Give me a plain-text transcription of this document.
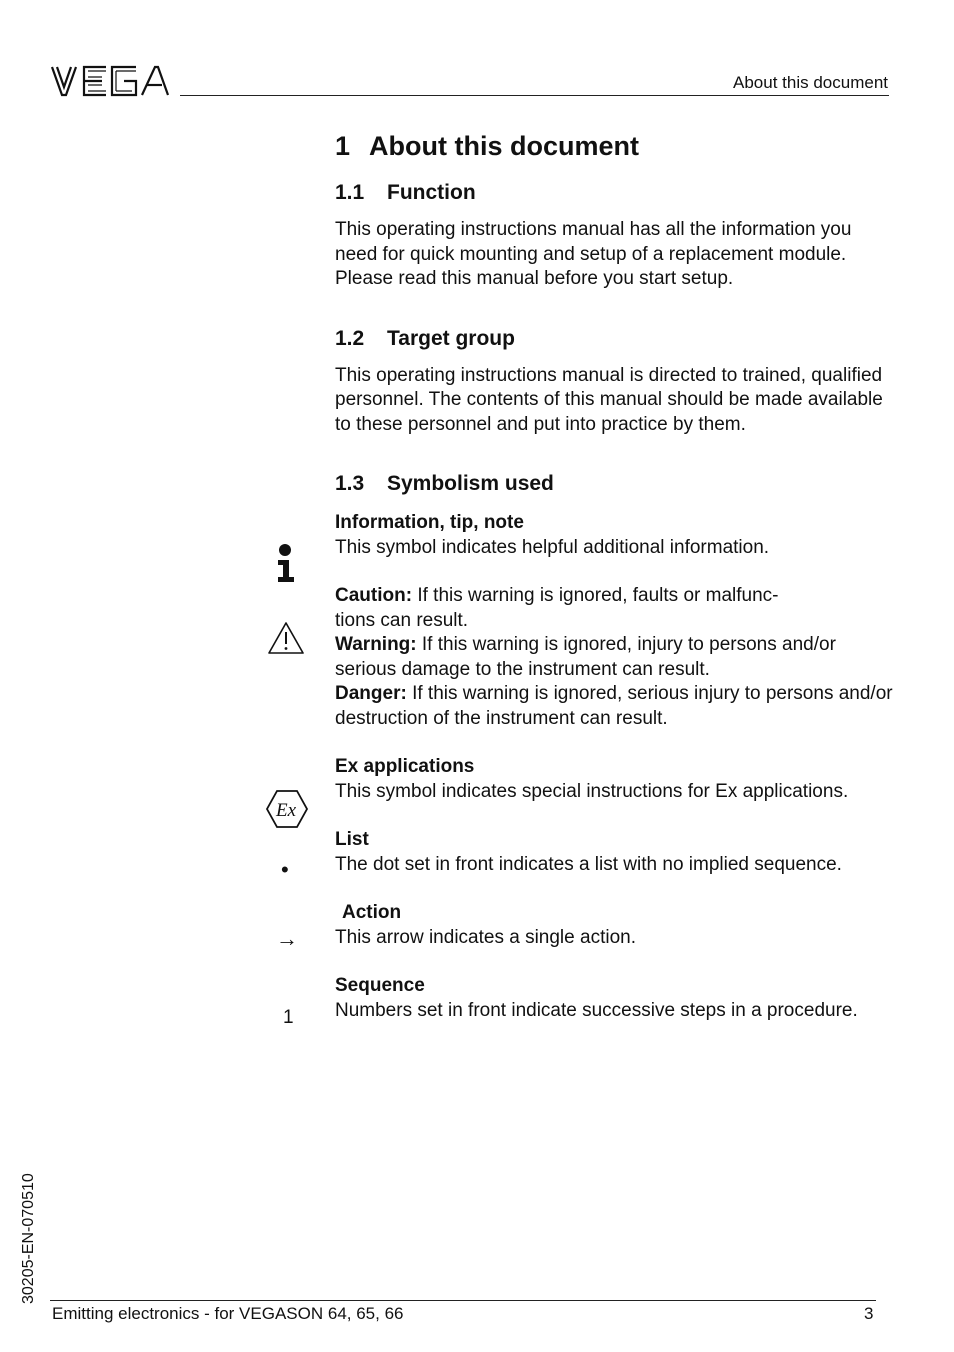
About this document
1 About this document
1.1 Function

This operating instructions manual has all the information you need for quick mounting and setup of a replacement module. Please read this manual before you start setup.

1.2 Target group

This operating instructions manual is directed to trained, qualified personnel. The contents of this manual should be made available to these personnel and put into practice by them.

1.3 Symbolism used

Information, tip, note

This symbol indicates helpful additional information.

Caution: If this warning is ignored, faults or malfunc-

tions can result.

Warning: If this warning is ignored, injury to persons and/or serious damage to the instrument can result.

Danger: If this warning is ignored, serious injury to persons and/or destruction of the instrument can result.

Ex applications

This symbol indicates special instructions for Ex applications.

List

The dot set in front indicates a list with no implied sequence.

Action

This arrow indicates a single action.

Sequence

Numbers set in front indicate successive steps in a procedure.

Ex
•
→
1
30205-EN-070510
Emitting electronics - for VEGASON 64, 65, 66	3
